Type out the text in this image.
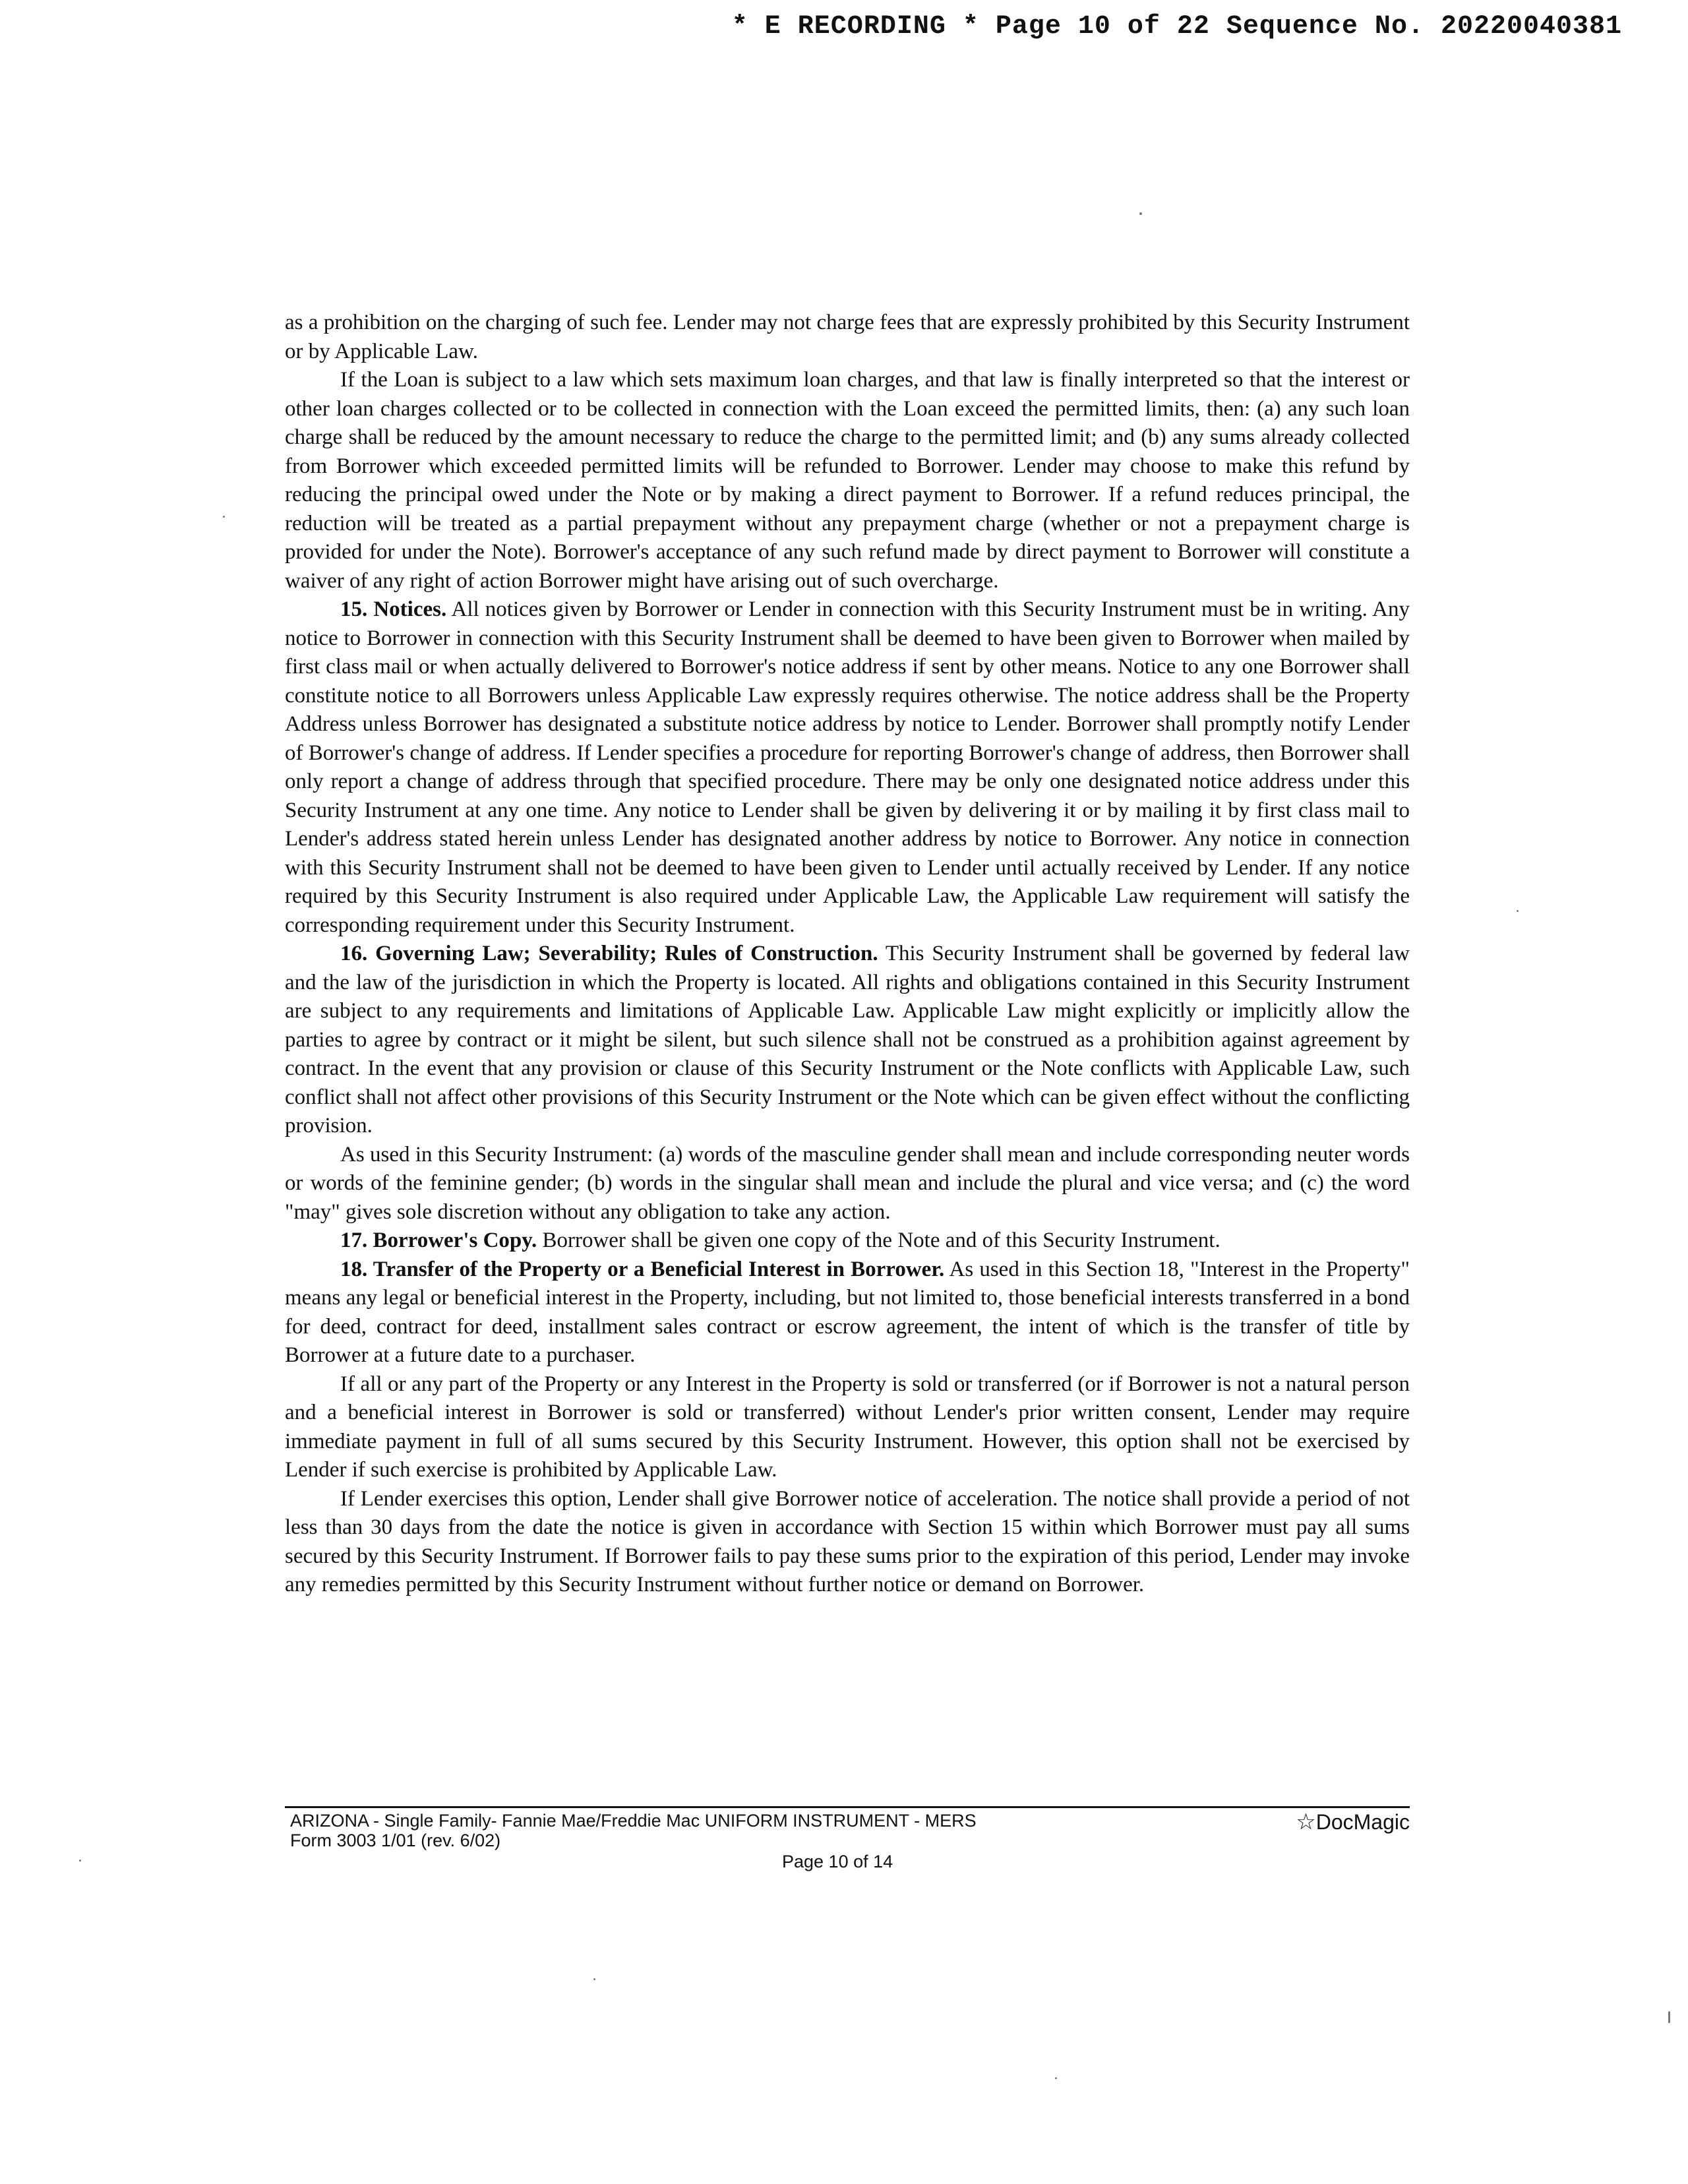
* E RECORDING * Page 10 of 22 Sequence No. 20220040381

as a prohibition on the charging of such fee. Lender may not charge fees that are expressly prohibited by this Security Instrument or by Applicable Law.

If the Loan is subject to a law which sets maximum loan charges, and that law is finally interpreted so that the interest or other loan charges collected or to be collected in connection with the Loan exceed the permitted limits, then: (a) any such loan charge shall be reduced by the amount necessary to reduce the charge to the permitted limit; and (b) any sums already collected from Borrower which exceeded permitted limits will be refunded to Borrower. Lender may choose to make this refund by reducing the principal owed under the Note or by making a direct payment to Borrower. If a refund reduces principal, the reduction will be treated as a partial prepayment without any prepayment charge (whether or not a prepayment charge is provided for under the Note). Borrower's acceptance of any such refund made by direct payment to Borrower will constitute a waiver of any right of action Borrower might have arising out of such overcharge.

15. Notices. All notices given by Borrower or Lender in connection with this Security Instrument must be in writing. Any notice to Borrower in connection with this Security Instrument shall be deemed to have been given to Borrower when mailed by first class mail or when actually delivered to Borrower's notice address if sent by other means. Notice to any one Borrower shall constitute notice to all Borrowers unless Applicable Law expressly requires otherwise. The notice address shall be the Property Address unless Borrower has designated a substitute notice address by notice to Lender. Borrower shall promptly notify Lender of Borrower's change of address. If Lender specifies a procedure for reporting Borrower's change of address, then Borrower shall only report a change of address through that specified procedure. There may be only one designated notice address under this Security Instrument at any one time. Any notice to Lender shall be given by delivering it or by mailing it by first class mail to Lender's address stated herein unless Lender has designated another address by notice to Borrower. Any notice in connection with this Security Instrument shall not be deemed to have been given to Lender until actually received by Lender. If any notice required by this Security Instrument is also required under Applicable Law, the Applicable Law requirement will satisfy the corresponding requirement under this Security Instrument.

16. Governing Law; Severability; Rules of Construction. This Security Instrument shall be governed by federal law and the law of the jurisdiction in which the Property is located. All rights and obligations contained in this Security Instrument are subject to any requirements and limitations of Applicable Law. Applicable Law might explicitly or implicitly allow the parties to agree by contract or it might be silent, but such silence shall not be construed as a prohibition against agreement by contract. In the event that any provision or clause of this Security Instrument or the Note conflicts with Applicable Law, such conflict shall not affect other provisions of this Security Instrument or the Note which can be given effect without the conflicting provision.

As used in this Security Instrument: (a) words of the masculine gender shall mean and include corresponding neuter words or words of the feminine gender; (b) words in the singular shall mean and include the plural and vice versa; and (c) the word "may" gives sole discretion without any obligation to take any action.

17. Borrower's Copy. Borrower shall be given one copy of the Note and of this Security Instrument.

18. Transfer of the Property or a Beneficial Interest in Borrower. As used in this Section 18, "Interest in the Property" means any legal or beneficial interest in the Property, including, but not limited to, those beneficial interests transferred in a bond for deed, contract for deed, installment sales contract or escrow agreement, the intent of which is the transfer of title by Borrower at a future date to a purchaser.

If all or any part of the Property or any Interest in the Property is sold or transferred (or if Borrower is not a natural person and a beneficial interest in Borrower is sold or transferred) without Lender's prior written consent, Lender may require immediate payment in full of all sums secured by this Security Instrument. However, this option shall not be exercised by Lender if such exercise is prohibited by Applicable Law.

If Lender exercises this option, Lender shall give Borrower notice of acceleration. The notice shall provide a period of not less than 30 days from the date the notice is given in accordance with Section 15 within which Borrower must pay all sums secured by this Security Instrument. If Borrower fails to pay these sums prior to the expiration of this period, Lender may invoke any remedies permitted by this Security Instrument without further notice or demand on Borrower.

ARIZONA - Single Family- Fannie Mae/Freddie Mac UNIFORM INSTRUMENT - MERS
Form 3003 1/01 (rev. 6/02)
☆DocMagic
Page 10 of 14
